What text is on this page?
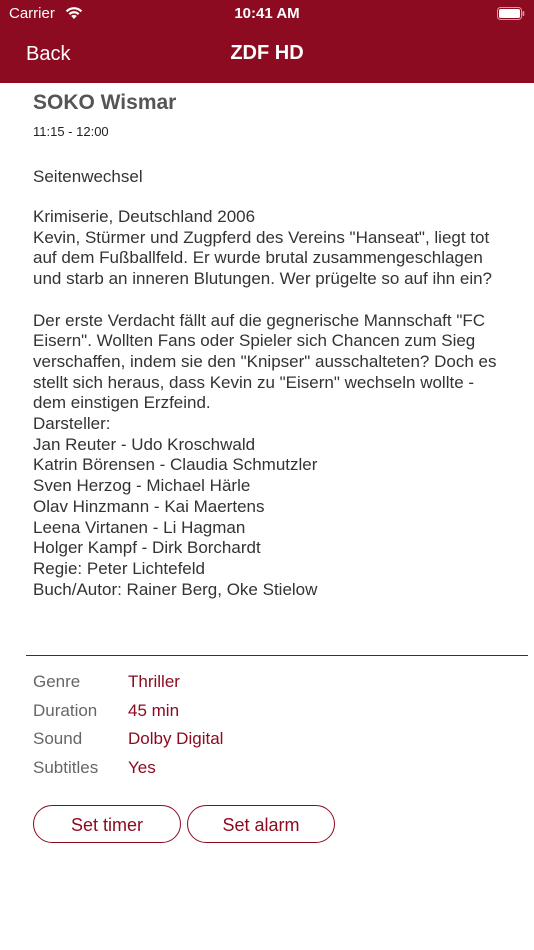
Carrier	10:41 AM
Back	ZDF HD
SOKO Wismar
11:15 - 12:00
Seitenwechsel
Krimiserie, Deutschland 2006
Kevin, Stürmer und Zugpferd des Vereins "Hanseat", liegt tot auf dem Fußballfeld. Er wurde brutal zusammengeschlagen und starb an inneren Blutungen. Wer prügelte so auf ihn ein?

Der erste Verdacht fällt auf die gegnerische Mannschaft "FC Eisern". Wollten Fans oder Spieler sich Chancen zum Sieg verschaffen, indem sie den "Knipser" ausschalteten? Doch es stellt sich heraus, dass Kevin zu "Eisern" wechseln wollte - dem einstigen Erzfeind.
Darsteller:
Jan Reuter - Udo Kroschwald
Katrin Börensen - Claudia Schmutzler
Sven Herzog - Michael Härle
Olav Hinzmann - Kai Maertens
Leena Virtanen - Li Hagman
Holger Kampf - Dirk Borchardt
Regie: Peter Lichtefeld
Buch/Autor: Rainer Berg, Oke Stielow
Genre	Thriller
Duration	45 min
Sound	Dolby Digital
Subtitles	Yes
Set timer	Set alarm
